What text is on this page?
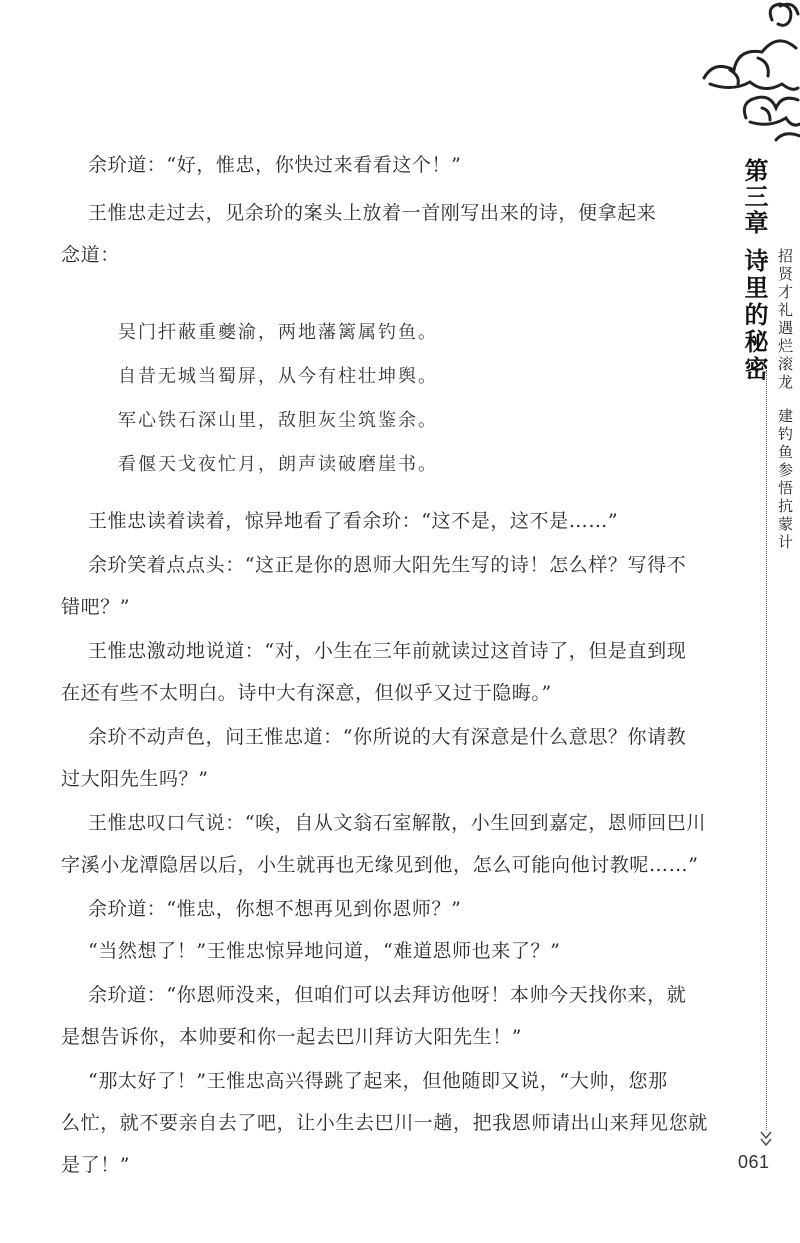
第三章
诗里的秘密 招贤才礼遇烂滚龙建钓鱼参悟抗蒙计
061

余玠道：“好，惟忠，你快过来看看这个！”

王惟忠走过去，见余玠的案头上放着一首刚写出来的诗，便拿起来

念道：

吴门扞蔽重夔渝，两地藩篱属钓鱼。

自昔无城当蜀屏，从今有柱壮坤舆。

军心铁石深山里，敌胆灰尘筑鉴余。

看偃天戈夜忙月，朗声读破磨崖书。

王惟忠读着读着，惊异地看了看余玠：“这不是，这不是……”

余玠笑着点点头：“这正是你的恩师大阳先生写的诗！怎么样？写得不

错吧？”

王惟忠激动地说道：“对，小生在三年前就读过这首诗了，但是直到现

在还有些不太明白。诗中大有深意，但似乎又过于隐晦。”

余玠不动声色，问王惟忠道：“你所说的大有深意是什么意思？你请教

过大阳先生吗？”

王惟忠叹口气说：“唉，自从文翁石室解散，小生回到嘉定，恩师回巴川

字溪小龙潭隐居以后，小生就再也无缘见到他，怎么可能向他讨教呢……”

余玠道：“惟忠，你想不想再见到你恩师？”

“当然想了！”王惟忠惊异地问道，“难道恩师也来了？”

余玠道：“你恩师没来，但咱们可以去拜访他呀！本帅今天找你来，就

是想告诉你，本帅要和你一起去巴川拜访大阳先生！”

“那太好了！”王惟忠高兴得跳了起来，但他随即又说，“大帅，您那

么忙，就不要亲自去了吧，让小生去巴川一趟，把我恩师请出山来拜见您就

是了！”
